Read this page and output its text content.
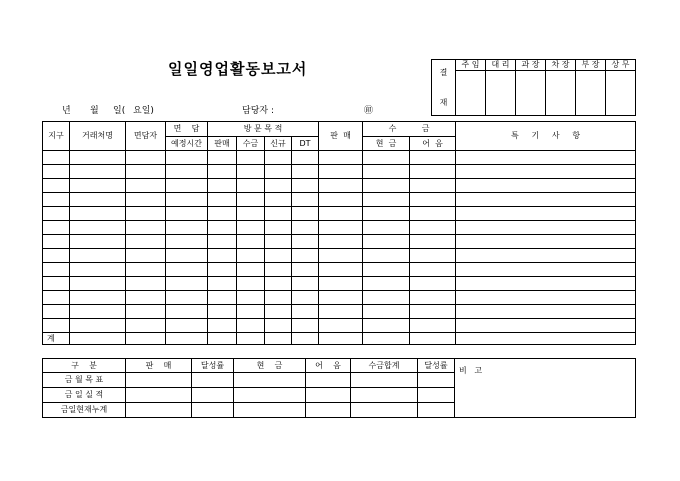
일일영업활동보고서
년 월 일( 요일)	담당자 :	㊞
결

재	주 임	대 리	과 장	차 장	부 장	상 무

지구	거래처명	면담자	면    담	방 문 목 적				판  매	수          금		특     기     사     항
			예정시간	판매	수금	신규	DT		현  금	어  음	

계											
구    분	판    매	달성률	현    금	어    음	수금합계	달성률	비   고
금 월 목 표							
금 일 실 적							
금일현재누계							
